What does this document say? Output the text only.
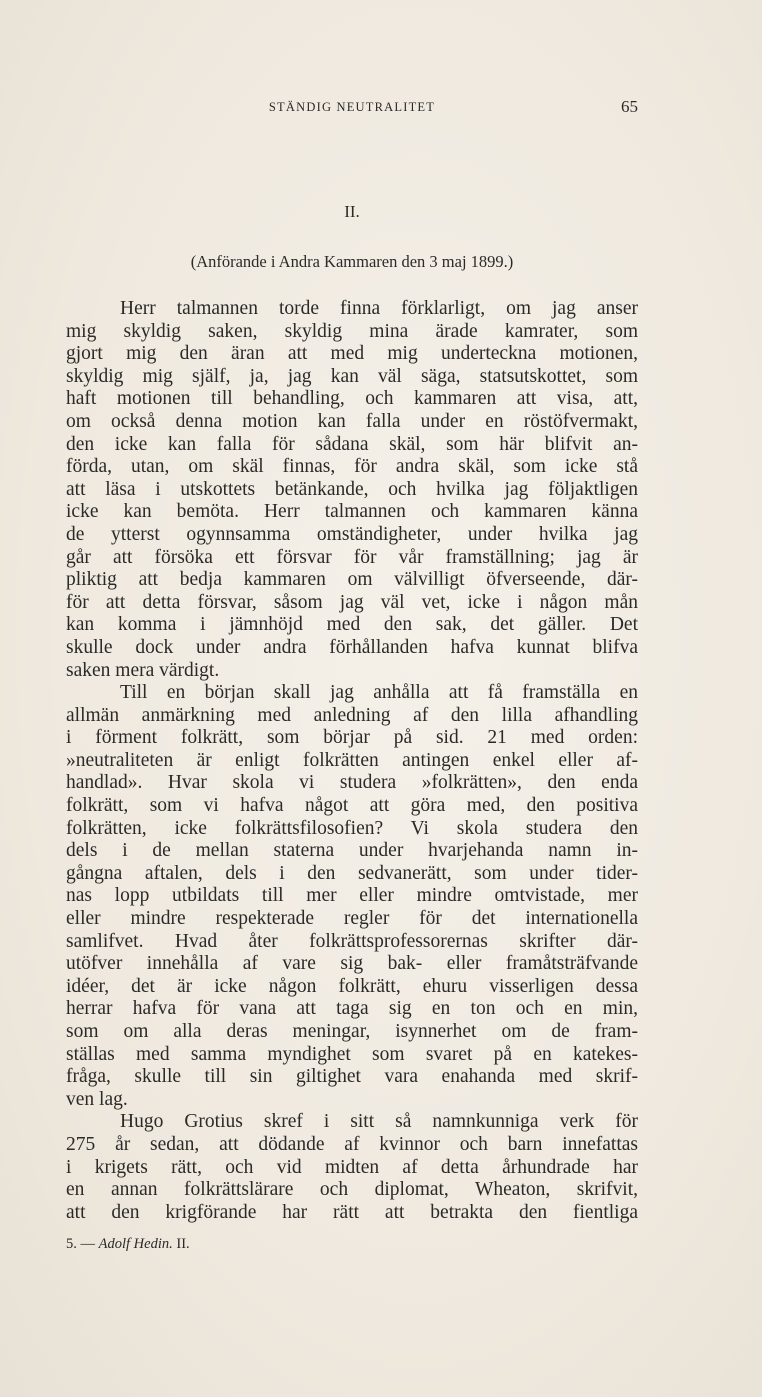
STÄNDIG NEUTRALITET	65
II.
(Anförande i Andra Kammaren den 3 maj 1899.)
Herr talmannen torde finna förklarligt, om jag anser
mig skyldig saken, skyldig mina ärade kamrater, som
gjort mig den äran att med mig underteckna motionen,
skyldig mig själf, ja, jag kan väl säga, statsutskottet, som
haft motionen till behandling, och kammaren att visa, att,
om också denna motion kan falla under en röstöfvermakt,
den icke kan falla för sådana skäl, som här blifvit an-
förda, utan, om skäl finnas, för andra skäl, som icke stå
att läsa i utskottets betänkande, och hvilka jag följaktligen
icke kan bemöta. Herr talmannen och kammaren känna
de ytterst ogynnsamma omständigheter, under hvilka jag
går att försöka ett försvar för vår framställning; jag är
pliktig att bedja kammaren om välvilligt öfverseende, där-
för att detta försvar, såsom jag väl vet, icke i någon mån
kan komma i jämnhöjd med den sak, det gäller. Det
skulle dock under andra förhållanden hafva kunnat blifva
saken mera värdigt.
Till en början skall jag anhålla att få framställa en
allmän anmärkning med anledning af den lilla afhandling
i förment folkrätt, som börjar på sid. 21 med orden:
»neutraliteten är enligt folkrätten antingen enkel eller af-
handlad». Hvar skola vi studera »folkrätten», den enda
folkrätt, som vi hafva något att göra med, den positiva
folkrätten, icke folkrättsfilosofien? Vi skola studera den
dels i de mellan staterna under hvarjehanda namn in-
gångna aftalen, dels i den sedvanerätt, som under tider-
nas lopp utbildats till mer eller mindre omtvistade, mer
eller mindre respekterade regler för det internationella
samlifvet. Hvad åter folkrättsprofessorernas skrifter där-
utöfver innehålla af vare sig bak- eller framåtsträfvande
idéer, det är icke någon folkrätt, ehuru visserligen dessa
herrar hafva för vana att taga sig en ton och en min,
som om alla deras meningar, isynnerhet om de fram-
ställas med samma myndighet som svaret på en katekes-
fråga, skulle till sin giltighet vara enahanda med skrif-
ven lag.
Hugo Grotius skref i sitt så namnkunniga verk för
275 år sedan, att dödande af kvinnor och barn innefattas
i krigets rätt, och vid midten af detta århundrade har
en annan folkrättslärare och diplomat, Wheaton, skrifvit,
att den krigförande har rätt att betrakta den fientliga
5. — Adolf Hedin. II.
